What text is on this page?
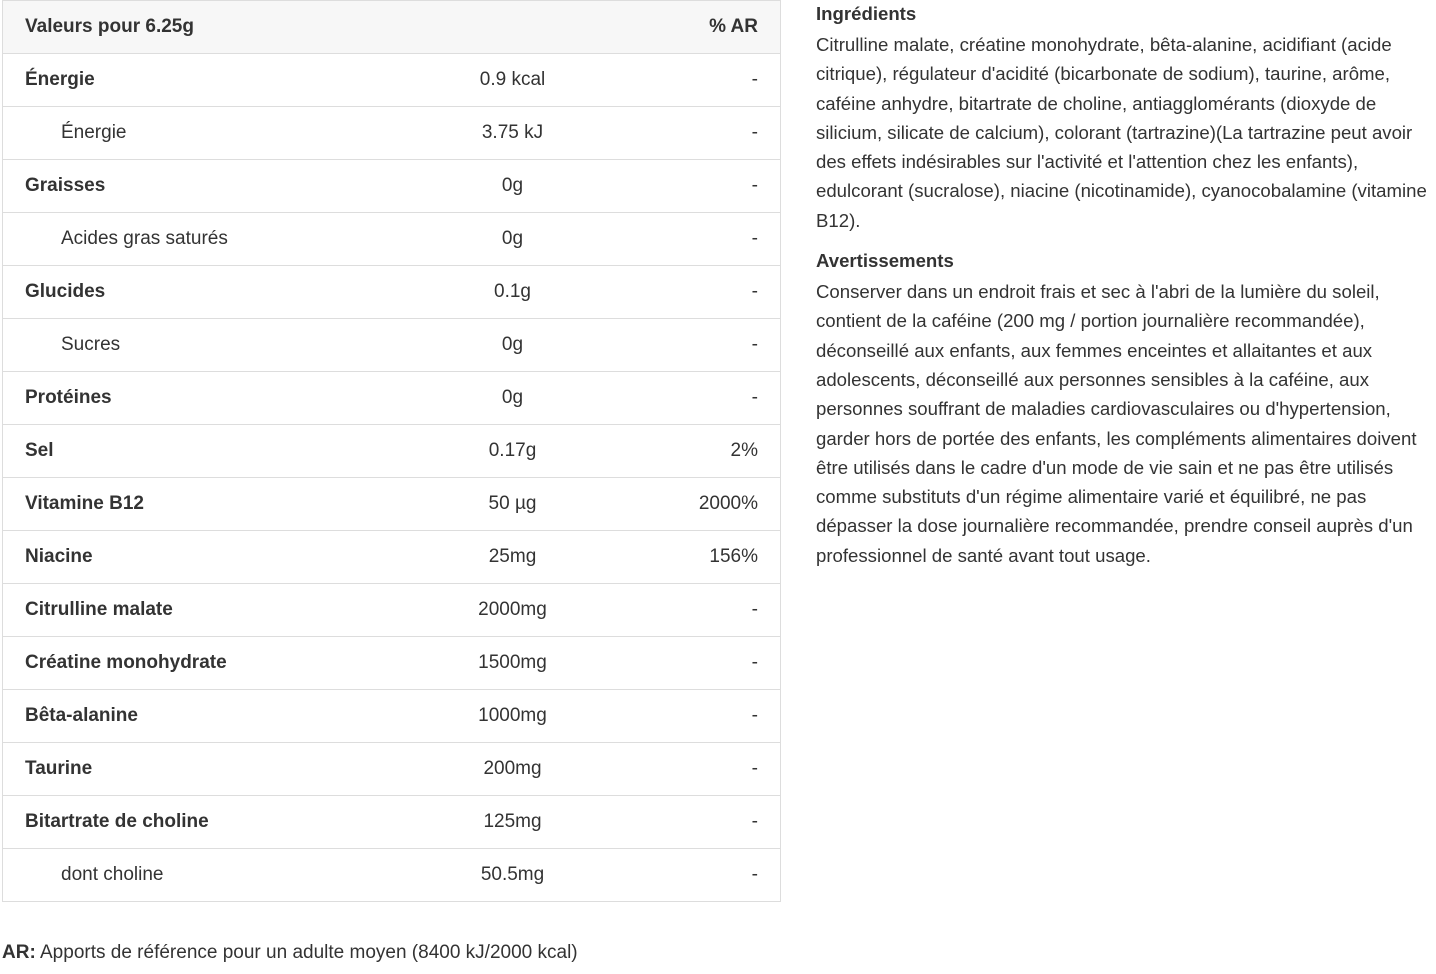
Valeurs pour 6.25g		% AR
Énergie	0.9 kcal	-
Énergie	3.75 kJ	-
Graisses	0g	-
Acides gras saturés	0g	-
Glucides	0.1g	-
Sucres	0g	-
Protéines	0g	-
Sel	0.17g	2%
Vitamine B12	50 µg	2000%
Niacine	25mg	156%
Citrulline malate	2000mg	-
Créatine monohydrate	1500mg	-
Bêta-alanine	1000mg	-
Taurine	200mg	-
Bitartrate de choline	125mg	-
dont choline	50.5mg	-

AR: Apports de référence pour un adulte moyen (8400 kJ/2000 kcal)

Ingrédients

Citrulline malate, créatine monohydrate, bêta-alanine, acidifiant (acide citrique), régulateur d'acidité (bicarbonate de sodium), taurine, arôme, caféine anhydre, bitartrate de choline, antiagglomérants (dioxyde de silicium, silicate de calcium), colorant (tartrazine)(La tartrazine peut avoir des effets indésirables sur l'activité et l'attention chez les enfants), edulcorant (sucralose), niacine (nicotinamide), cyanocobalamine (vitamine B12).

Avertissements

Conserver dans un endroit frais et sec à l'abri de la lumière du soleil, contient de la caféine (200 mg / portion journalière recommandée), déconseillé aux enfants, aux femmes enceintes et allaitantes et aux adolescents, déconseillé aux personnes sensibles à la caféine, aux personnes souffrant de maladies cardiovasculaires ou d'hypertension, garder hors de portée des enfants, les compléments alimentaires doivent être utilisés dans le cadre d'un mode de vie sain et ne pas être utilisés comme substituts d'un régime alimentaire varié et équilibré, ne pas dépasser la dose journalière recommandée, prendre conseil auprès d'un professionnel de santé avant tout usage.
